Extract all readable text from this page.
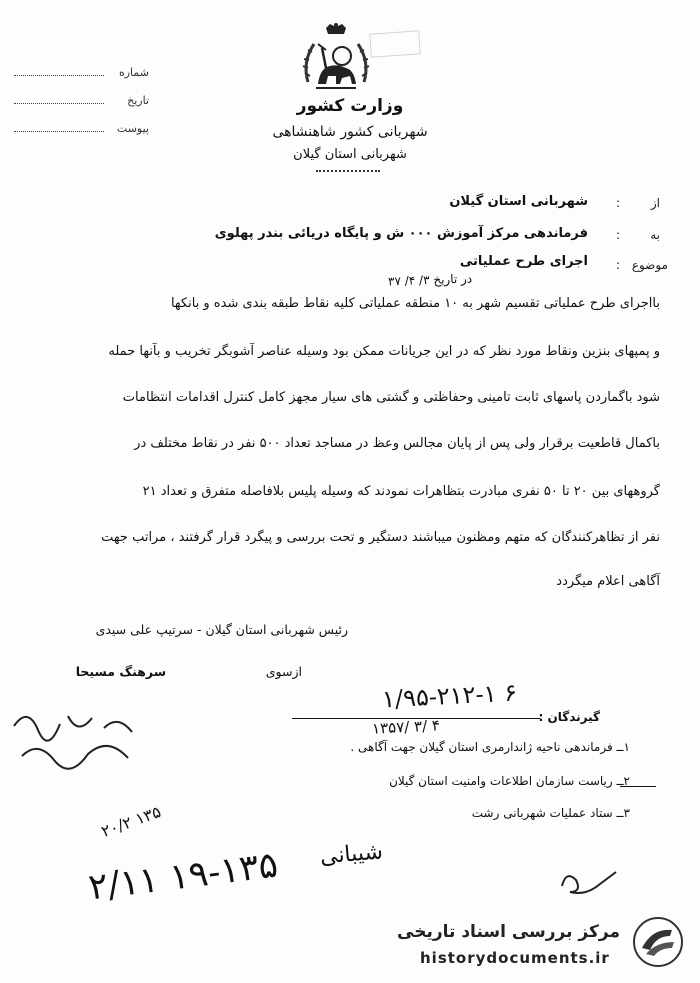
شماره
تاریخ
پیوست
وزارت کشور
شهربانی کشور شاهنشاهی
شهربانی استان گیلان
از
:
شهربانی استان گیلان
به
:
فرماندهی مرکز آموزش ۰۰۰ ش و پایگاه دریائی بندر پهلوی
موضوع
:
اجرای طرح عملیاتی
در تاریخ ۳/ ۴/ ۳۷
بااجرای طرح عملیاتی تقسیم شهر به ۱۰ منطقه عملیاتی کلیه نقاط طبقه بندی شده و بانکها
و پمپهای بنزین ونقاط مورد نظر که در این جریانات ممکن بود وسیله عناصر آشوبگر تخریب و بآنها حمله
شود باگماردن پاسهای ثابت تامینی وحفاظتی و گشتی های سیار مجهز کامل کنترل اقدامات انتظامات
باکمال قاطعیت برقرار ولی پس از پایان مجالس وعظ در مساجد تعداد ۵۰۰ نفر در نقاط مختلف در
گروههای بین ۲۰ تا ۵۰ نفری مبادرت بتظاهرات نمودند که وسیله پلیس بلافاصله متفرق و تعداد ۲۱
نفر از تظاهرکنندگان که متهم ومظنون میباشند دستگیر و تحت بررسی و پیگرد قرار گرفتند ، مراتب جهت
آگاهی اعلام میگردد
رئیس شهربانی استان گیلان - سرتیپ علی سیدی
ازسوی
سرهنگ مسیحا
۱/۹۵-۲۱۲-۱ ۶
۱۳۵۷/ ۳/ ۴	گیرندگان :
۱ــ فرماندهی ناحیه ژاندارمری استان گیلان جهت آگاهی .
۲ــ ریاست سازمان اطلاعات وامنیت استان گیلان
۳ــ ستاد عملیات شهربانی رشت
۲۰/۲ ۱۳۵
۲/۱۱ ۱۹-۱۳۵ شیبانی
مرکز بررسی اسناد تاریخی
historydocuments.ir
